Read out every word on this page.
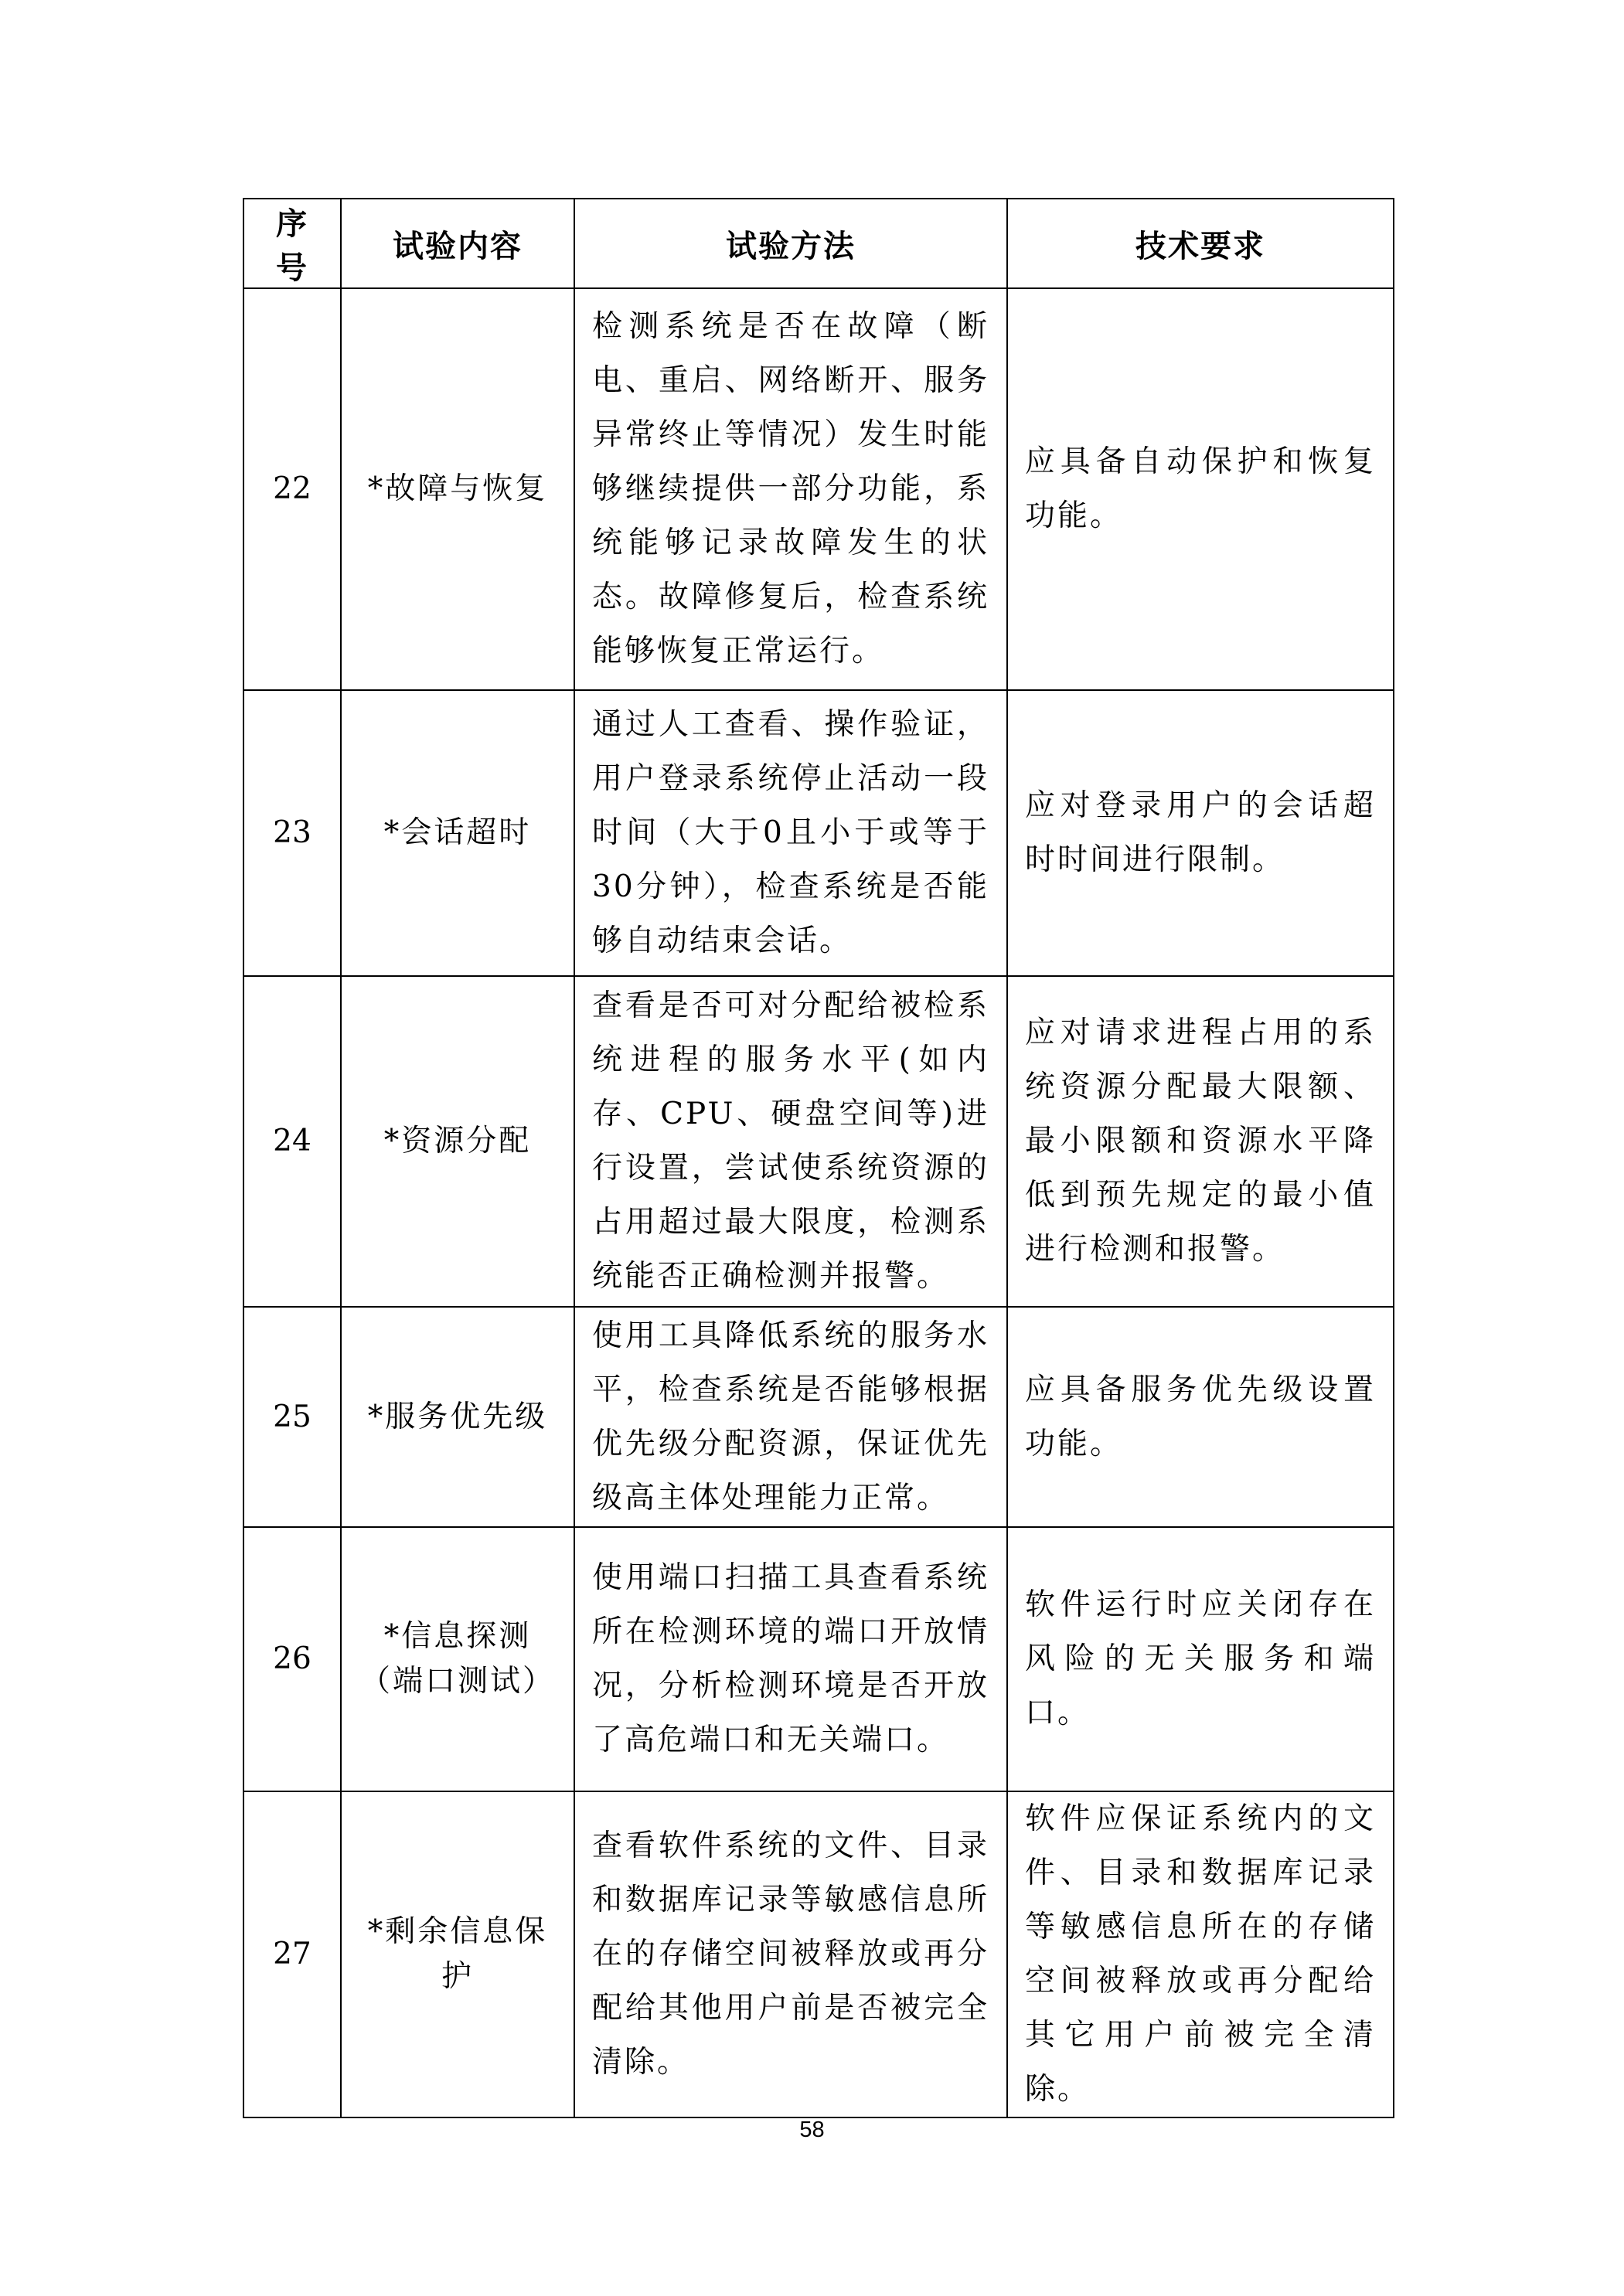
序号	试验内容	试验方法	技术要求
22	*故障与恢复	检测系统是否在故障（断电、重启、网络断开、服务异常终止等情况）发生时能够继续提供一部分功能，系统能够记录故障发生的状态。故障修复后，检查系统能够恢复正常运行。	应具备自动保护和恢复功能。
23	*会话超时	通过人工查看、操作验证，用户登录系统停止活动一段时间（大于0且小于或等于30分钟），检查系统是否能够自动结束会话。	应对登录用户的会话超时时间进行限制。
24	*资源分配	查看是否可对分配给被检系统进程的服务水平(如内存、CPU、硬盘空间等)进行设置，尝试使系统资源的占用超过最大限度，检测系统能否正确检测并报警。	应对请求进程占用的系统资源分配最大限额、最小限额和资源水平降低到预先规定的最小值进行检测和报警。
25	*服务优先级	使用工具降低系统的服务水平，检查系统是否能够根据优先级分配资源，保证优先级高主体处理能力正常。	应具备服务优先级设置功能。
26	*信息探测（端口测试）	使用端口扫描工具查看系统所在检测环境的端口开放情况，分析检测环境是否开放了高危端口和无关端口。	软件运行时应关闭存在风险的无关服务和端口。
27	*剩余信息保护	查看软件系统的文件、目录和数据库记录等敏感信息所在的存储空间被释放或再分配给其他用户前是否被完全清除。	软件应保证系统内的文件、目录和数据库记录等敏感信息所在的存储空间被释放或再分配给其它用户前被完全清除。
58
